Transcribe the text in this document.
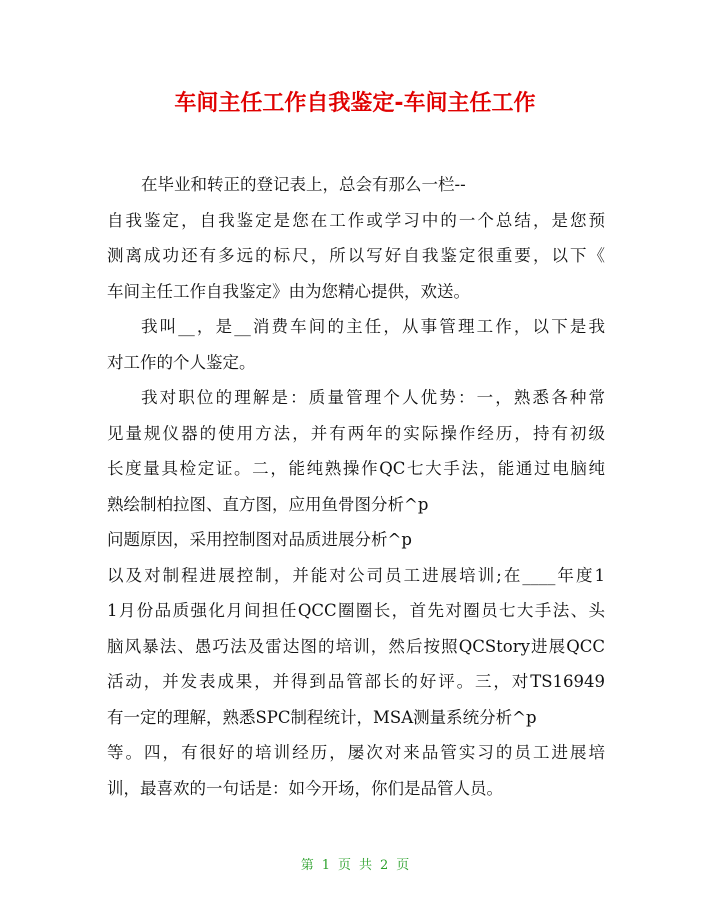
车间主任工作自我鉴定-车间主任工作
在毕业和转正的登记表上，总会有那么一栏--
自我鉴定，自我鉴定是您在工作或学习中的一个总结，是您预
测离成功还有多远的标尺，所以写好自我鉴定很重要，以下《
车间主任工作自我鉴定》由为您精心提供，欢送。
我叫__，是__消费车间的主任，从事管理工作，以下是我
对工作的个人鉴定。
我对职位的理解是：质量管理个人优势：一，熟悉各种常
见量规仪器的使用方法，并有两年的实际操作经历，持有初级
长度量具检定证。二，能纯熟操作QC七大手法，能通过电脑纯
熟绘制柏拉图、直方图，应用鱼骨图分析^p
问题原因，采用控制图对品质进展分析^p
以及对制程进展控制，并能对公司员工进展培训;在____年度1
1月份品质强化月间担任QCC圈圈长，首先对圈员七大手法、头
脑风暴法、愚巧法及雷达图的培训，然后按照QCStory进展QCC
活动，并发表成果，并得到品管部长的好评。三，对TS16949
有一定的理解，熟悉SPC制程统计，MSA测量系统分析^p
等。四，有很好的培训经历，屡次对来品管实习的员工进展培
训，最喜欢的一句话是：如今开场，你们是品管人员。
第 1 页 共 2 页
